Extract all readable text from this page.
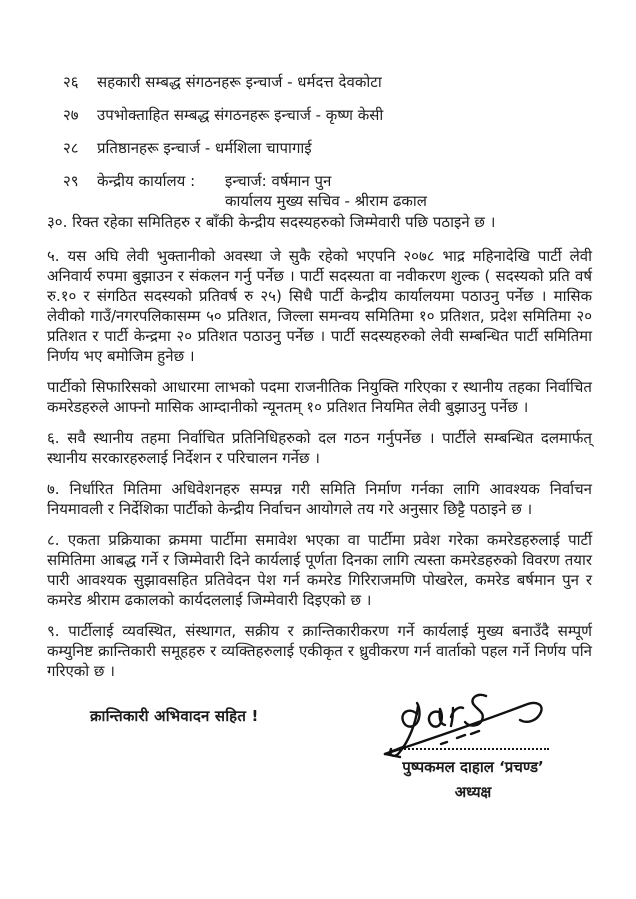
२६	सहकारी सम्बद्ध संगठनहरू इन्चार्ज - धर्मदत्त देवकोटा
२७	उपभोक्ताहित सम्बद्ध संगठनहरू इन्चार्ज - कृष्ण केसी
२८	प्रतिष्ठानहरू इन्चार्ज - धर्मशिला चापागाई
२९	केन्द्रीय कार्यालय :	इन्चार्ज: वर्षमान पुन
कार्यालय मुख्य सचिव - श्रीराम ढकाल
३०. रिक्त रहेका समितिहरु र बाँकी केन्द्रीय सदस्यहरुको जिम्मेवारी पछि पठाइने छ ।

५. यस अघि लेवी भुक्तानीको अवस्था जे सुकै रहेको भएपनि २०७८ भाद्र महिनादेखि पार्टी लेवी अनिवार्य रुपमा बुझाउन र संकलन गर्नु पर्नेछ । पार्टी सदस्यता वा नवीकरण शुल्क ( सदस्यको प्रति वर्ष रु.१० र संगठित सदस्यको प्रतिवर्ष रु २५) सिधै पार्टी केन्द्रीय कार्यालयमा पठाउनु पर्नेछ । मासिक लेवीको गाउँ/नगरपलिकासम्म ५० प्रतिशत, जिल्ला समन्वय समितिमा १० प्रतिशत, प्रदेश समितिमा २० प्रतिशत र पार्टी केन्द्रमा २० प्रतिशत पठाउनु पर्नेछ । पार्टी सदस्यहरुको लेवी सम्बन्धित पार्टी समितिमा निर्णय भए बमोजिम हुनेछ ।

पार्टीको सिफारिसको आधारमा लाभको पदमा राजनीतिक नियुक्ति गरिएका र स्थानीय तहका निर्वाचित कमरेडहरुले आफ्नो मासिक आम्दानीको न्यूनतम् १० प्रतिशत नियमित लेवी बुझाउनु पर्नेछ ।

६. सवै स्थानीय तहमा निर्वाचित प्रतिनिधिहरुको दल गठन गर्नुपर्नेछ । पार्टीले सम्बन्धित दलमार्फत् स्थानीय सरकारहरुलाई निर्देशन र परिचालन गर्नेछ ।

७. निर्धारित मितिमा अधिवेशनहरु सम्पन्न गरी समिति निर्माण गर्नका लागि आवश्यक निर्वाचन नियमावली र निर्देशिका पार्टीको केन्द्रीय निर्वाचन आयोगले तय गरे अनुसार छिट्टै पठाइने छ ।

८. एकता प्रक्रियाका क्रममा पार्टीमा समावेश भएका वा पार्टीमा प्रवेश गरेका कमरेडहरुलाई पार्टी समितिमा आबद्ध गर्ने र जिम्मेवारी दिने कार्यलाई पूर्णता दिनका लागि त्यस्ता कमरेडहरुको विवरण तयार पारी आवश्यक सुझावसहित प्रतिवेदन पेश गर्न कमरेड गिरिराजमणि पोखरेल, कमरेड बर्षमान पुन र कमरेड श्रीराम ढकालको कार्यदललाई जिम्मेवारी दिइएको छ ।

९. पार्टीलाई व्यवस्थित, संस्थागत, सक्रीय र क्रान्तिकारीकरण गर्ने कार्यलाई मुख्य बनाउँदै सम्पूर्ण कम्युनिष्ट क्रान्तिकारी समूहहरु र व्यक्तिहरुलाई एकीकृत र ध्रुवीकरण गर्न वार्ताको पहल गर्ने निर्णय पनि गरिएको छ ।

क्रान्तिकारी अभिवादन सहित !
पुष्पकमल दाहाल ‘प्रचण्ड’
अध्यक्ष
